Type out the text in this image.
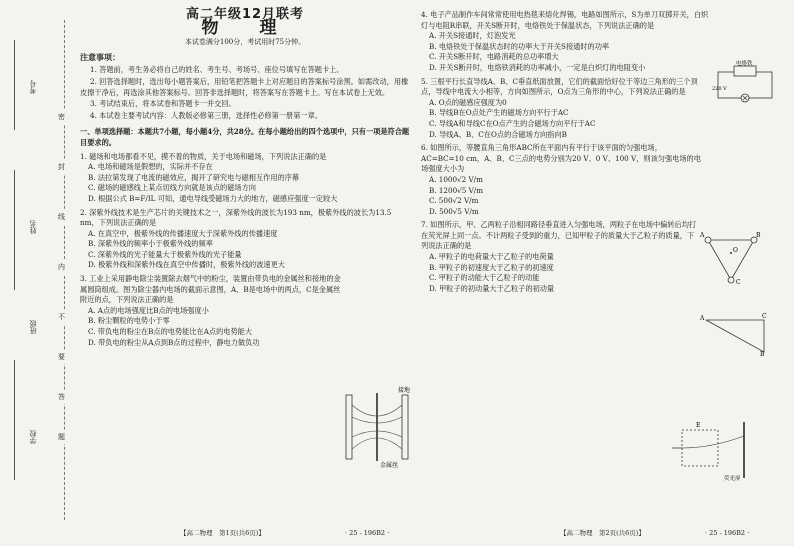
考号
姓名
班级
学校
密
封
线
内
不
要
答
题
高二年级12月联考
物　理
本试卷满分100分，考试用时75分钟。
注意事项：

1. 答题前，考生务必将自己的姓名、考生号、考场号、座位号填写在答题卡上。

2. 回答选择题时，选出每小题答案后，用铅笔把答题卡上对应题目的答案标号涂黑。如需改动，用橡皮擦干净后，再选涂其他答案标号。回答非选择题时，将答案写在答题卡上。写在本试卷上无效。

3. 考试结束后，将本试卷和答题卡一并交回。

4. 本试卷主要考试内容：人教版必修第三册，选择性必修第一册第一章。

一、单项选择题：本题共7小题，每小题4分，共28分。在每小题给出的四个选项中，只有一项是符合题目要求的。
1. 磁场和电场都看不见，摸不着的物质，关于电场和磁场，下列说法正确的是
A. 电场和磁场是假想的，实际并不存在
B. 法拉第发现了电流的磁效应，揭开了研究电与磁相互作用的序幕
C. 磁场的磁感线上某点切线方向就是该点的磁场方向
D. 根据公式 B=F/IL 可知，通电导线受磁场力大的地方，磁感应强度一定较大
2. 深紫外线技术是生产芯片的关键技术之一，深紫外线的波长为193 nm，极紫外线的波长为13.5 nm，下列说法正确的是
A. 在真空中，极紫外线的传播速度大于深紫外线的传播速度
B. 深紫外线的频率小于极紫外线的频率
C. 深紫外线的光子能量大于极紫外线的光子能量
D. 极紫外线和深紫外线在真空中传播时，极紫外线的波速更大
3. 工业上采用静电除尘装置除去烟气中的粉尘，装置由带负电的金属丝和接地的金属圆筒组成。图为除尘器内电场的截面示意图，A、B是电场中的两点，C是金属丝附近的点，下列说法正确的是
A. A点的电场强度比B点的电场强度小
B. 粉尘颗粒的电势小于零
C. 带负电的粉尘在B点的电势能比在A点的电势能大
D. 带负电的粉尘从A点到B点的过程中，静电力做负功
接地
金属丝
4. 电子产品制作车间常常使用电热毯来熔化焊锡，电路如图所示，S为单刀双掷开关，白炽灯与电阻R串联，开关S断开时，电烙铁处于保温状态，下列说法正确的是
A. 开关S接通时，灯泡发光
B. 电烙铁处于保温状态时的功率大于开关S接通时的功率
C. 开关S断开时，电路消耗的总功率增大
D. 开关S断开时，电烙铁消耗的功率减小，一定是白炽灯的电阻变小
5. 三根平行长直导线A、B、C垂直纸面放置，它们的截面恰好位于等边三角形的三个顶点，导线中电流大小相等，方向如图所示，O点为三角形的中心，下列说法正确的是
A. O点的磁感应强度为0
B. 导线B在O点处产生的磁场方向平行于AC
C. 导线A和导线C在O点产生的合磁场方向平行于AC
D. 导线A、B、C在O点的合磁场方向指向B
6. 如图所示，等腰直角三角形ABC所在平面内有平行于该平面的匀强电场，AC=BC=10 cm，A、B、C三点的电势分别为20 V、0 V、100 V，则该匀强电场的电场强度大小为
A. 1000√2 V/m
B. 1200√5 V/m
C. 500√2 V/m
D. 500√5 V/m
7. 如图所示，甲、乙两粒子沿相同路径垂直进入匀强电场，两粒子在电场中偏转后均打在荧光屏上同一点。不计两粒子受到的重力，已知甲粒子的质量大于乙粒子的质量，下列说法正确的是
A. 甲粒子的电荷量大于乙粒子的电荷量
B. 甲粒子的初速度大于乙粒子的初速度
C. 甲粒子的动能大于乙粒子的动能
D. 甲粒子的初动量大于乙粒子的初动量
电烙铁
220 V
A	B
C
O
A	C
B
E
荧光屏
【高二物理　第1页(共6页)】	· 25 - 196B2 ·	【高二物理　第2页(共6页)】	· 25 - 196B2 ·
